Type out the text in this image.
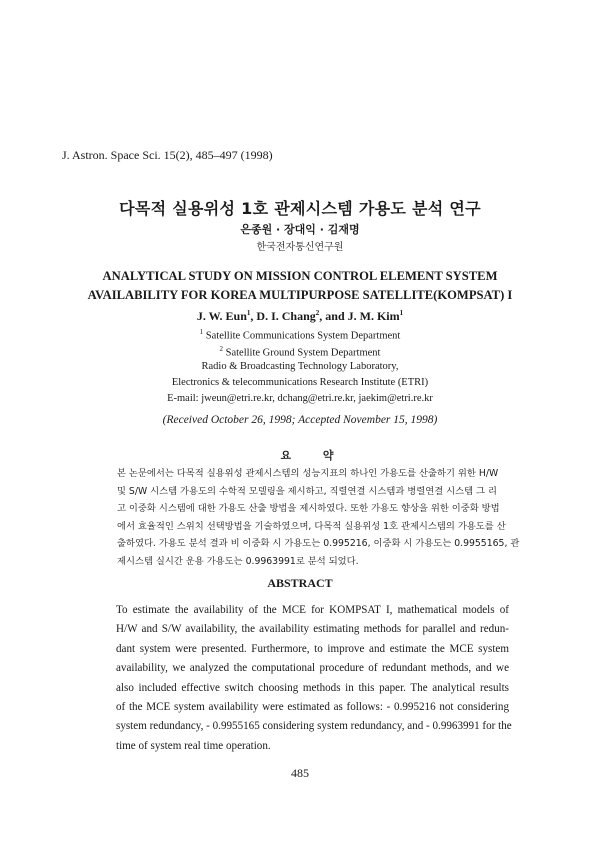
J. Astron. Space Sci. 15(2), 485–497 (1998)
다목적 실용위성 1호 관제시스템 가용도 분석 연구
은종원 · 장대익 · 김재명
한국전자통신연구원
ANALYTICAL STUDY ON MISSION CONTROL ELEMENT SYSTEM
AVAILABILITY FOR KOREA MULTIPURPOSE SATELLITE(KOMPSAT) I
J. W. Eun$^1$, D. I. Chang$^2$, and J. M. Kim$^1$
$^1$ Satellite Communications System Department
$^2$ Satellite Ground System Department
Radio & Broadcasting Technology Laboratory,
Electronics & telecommunications Research Institute (ETRI)
E-mail: jweun@etri.re.kr, dchang@etri.re.kr, jaekim@etri.re.kr
(Received October 26, 1998; Accepted November 15, 1998)
요 약
본 논문에서는 다목적 실용위성 관제시스템의 성능지표의 하나인 가용도를 산출하기 위한 H/W
및 S/W 시스템 가용도의 수학적 모델링을 제시하고, 직렬연결 시스템과 병렬연결 시스템 그 리
고 이중화 시스템에 대한 가용도 산출 방법을 제시하였다. 또한 가용도 향상을 위한 이중화 방법
에서 효율적인 스위치 선택방법을 기술하였으며, 다목적 실용위성 1호 관제시스템의 가용도를 산
출하였다. 가용도 분석 결과 비 이중화 시 가용도는 0.995216, 이중화 시 가용도는 0.9955165, 관
제시스템 실시간 운용 가용도는 0.9963991로 분석 되었다.
ABSTRACT
To estimate the availability of the MCE for KOMPSAT I, mathematical models of
H/W and S/W availability, the availability estimating methods for parallel and redun-
dant system were presented. Furthermore, to improve and estimate the MCE system
availability, we analyzed the computational procedure of redundant methods, and we
also included effective switch choosing methods in this paper. The analytical results
of the MCE system availability were estimated as follows: - 0.995216 not considering
system redundancy, - 0.9955165 considering system redundancy, and - 0.9963991 for the
time of system real time operation.
485
